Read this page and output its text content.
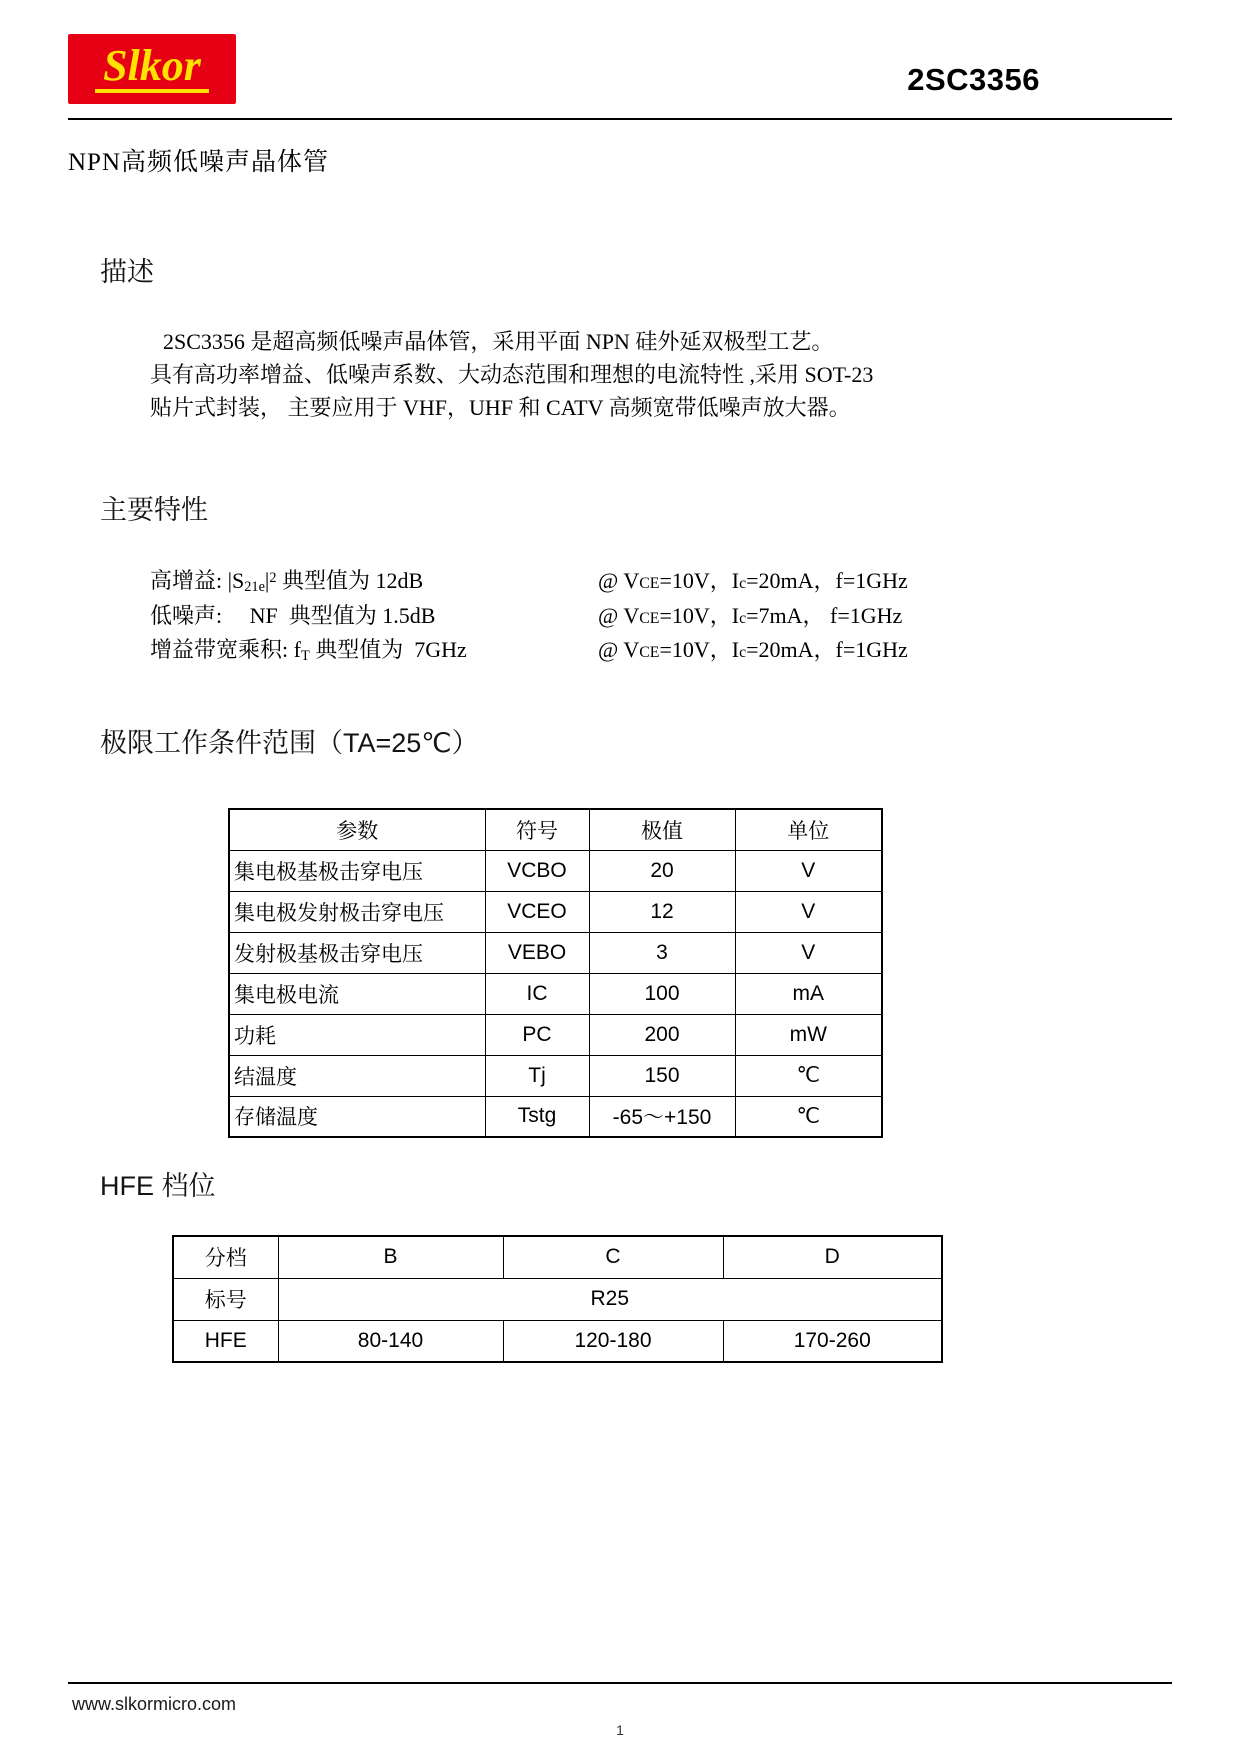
Slkor	2SC3356
NPN高频低噪声晶体管
描述

2SC3356 是超高频低噪声晶体管，采用平面 NPN 硅外延双极型工艺。

具有高功率增益、低噪声系数、大动态范围和理想的电流特性 ,采用 SOT-23

贴片式封装， 主要应用于 VHF，UHF 和 CATV 高频宽带低噪声放大器。

主要特性
高增益: $|S21e|^2$ 典型值为 12dB	@ VCE=10V，Ic=20mA，f=1GHz
低噪声:     NF  典型值为 1.5dB	@ VCE=10V，Ic=7mA， f=1GHz
增益带宽乘积: fT 典型值为  7GHz	@ VCE=10V，Ic=20mA，f=1GHz
极限工作条件范围（TA=25℃）
参数	符号	极值	单位
集电极基极击穿电压	VCBO	20	V
集电极发射极击穿电压	VCEO	12	V
发射极基极击穿电压	VEBO	3	V
集电极电流	IC	100	mA
功耗	PC	200	mW
结温度	Tj	150	℃
存储温度	Tstg	-65～+150	℃
HFE 档位
分档	B	C	D
标号	R25		
HFE	80-140	120-180	170-260
www.slkormicro.com
1
